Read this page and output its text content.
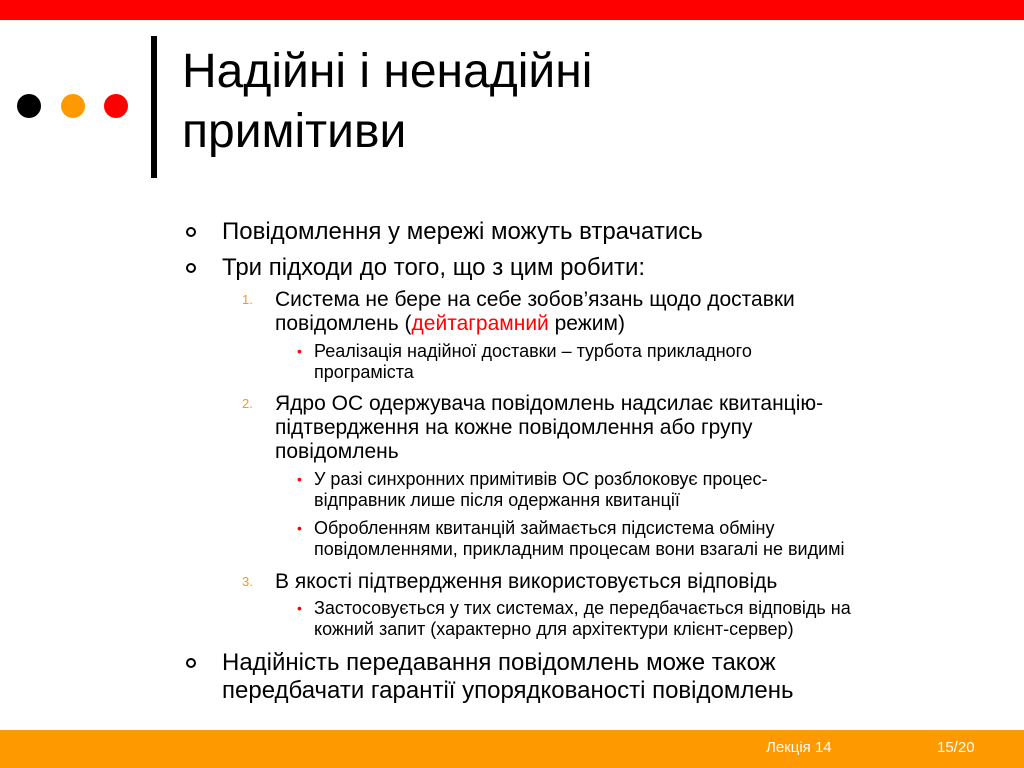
Надійні і ненадійні
примітиви

Повідомлення у мережі можуть втрачатись

Три підходи до того, що з цим робити:

1. Система не бере на себе зобов’язань щодо доставки

повідомлень (дейтаграмний режим)

• Реалізація надійної доставки – турбота прикладного

програміста

2. Ядро ОС одержувача повідомлень надсилає квитанцію-

підтвердження на кожне повідомлення або групу

повідомлень

• У разі синхронних примітивів ОС розблоковує процес-

відправник лише після одержання квитанції

• Обробленням квитанцій займається підсистема обміну

повідомленнями, прикладним процесам вони взагалі не видимі

3. В якості підтвердження використовується відповідь

• Застосовується у тих системах, де передбачається відповідь на

кожний запит (характерно для архітектури клієнт-сервер)

Надійність передавання повідомлень може також

передбачати гарантії упорядкованості повідомлень

Лекція 14	15/20
